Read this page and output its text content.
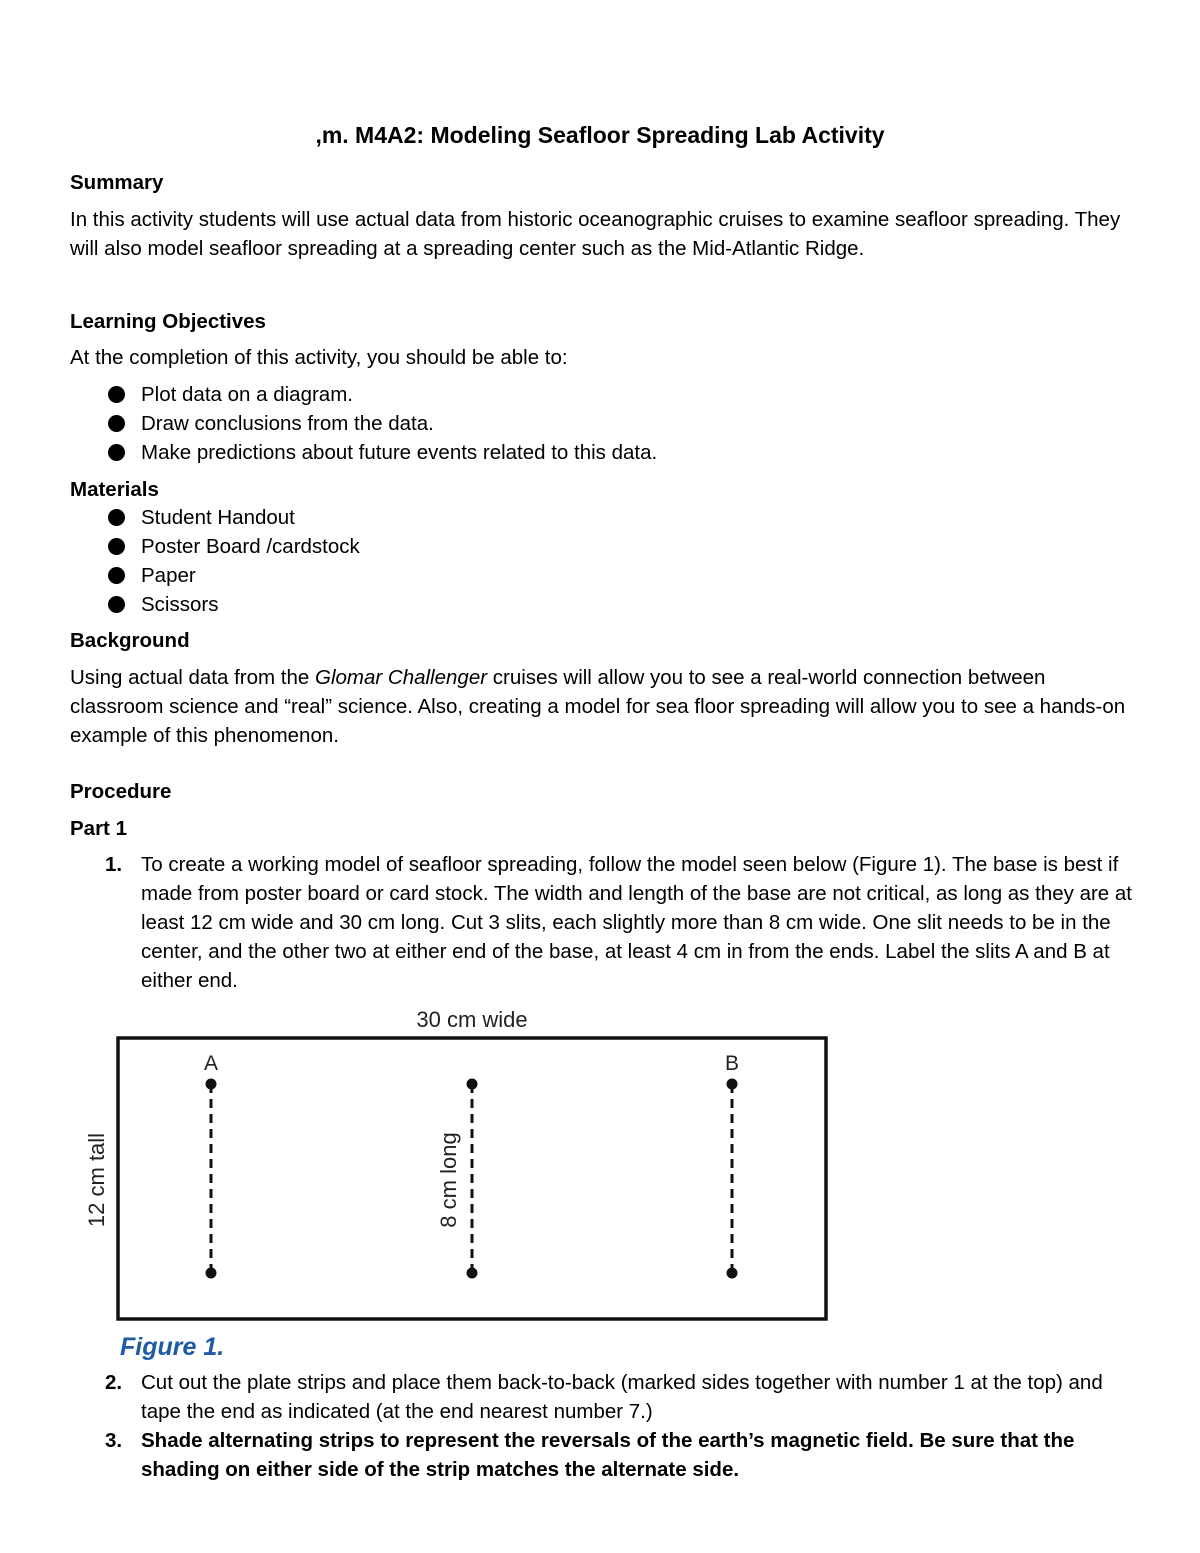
,m. M4A2: Modeling Seafloor Spreading Lab Activity
Summary

In this activity students will use actual data from historic oceanographic cruises to examine seafloor spreading. They will also model seafloor spreading at a spreading center such as the Mid-Atlantic Ridge.

Learning Objectives
At the completion of this activity, you should be able to:
Plot data on a diagram.
Draw conclusions from the data.
Make predictions about future events related to this data.
Materials
Student Handout
Poster Board /cardstock
Paper
Scissors
Background

Using actual data from the Glomar Challenger cruises will allow you to see a real-world connection between classroom science and “real” science. Also, creating a model for sea floor spreading will allow you to see a hands-on example of this phenomenon.

Procedure
Part 1
1. To create a working model of seafloor spreading, follow the model seen below (Figure 1). The base is best if made from poster board or card stock. The width and length of the base are not critical, as long as they are at least 12 cm wide and 30 cm long. Cut 3 slits, each slightly more than 8 cm wide. One slit needs to be in the center, and the other two at either end of the base, at least 4 cm in from the ends. Label the slits A and B at either end.
30 cm wide
12 cm tall
A	B
8 cm long
Figure 1.
2. Cut out the plate strips and place them back-to-back (marked sides together with number 1 at the top) and tape the end as indicated (at the end nearest number 7.)
3. Shade alternating strips to represent the reversals of the earth’s magnetic field. Be sure that the shading on either side of the strip matches the alternate side.
